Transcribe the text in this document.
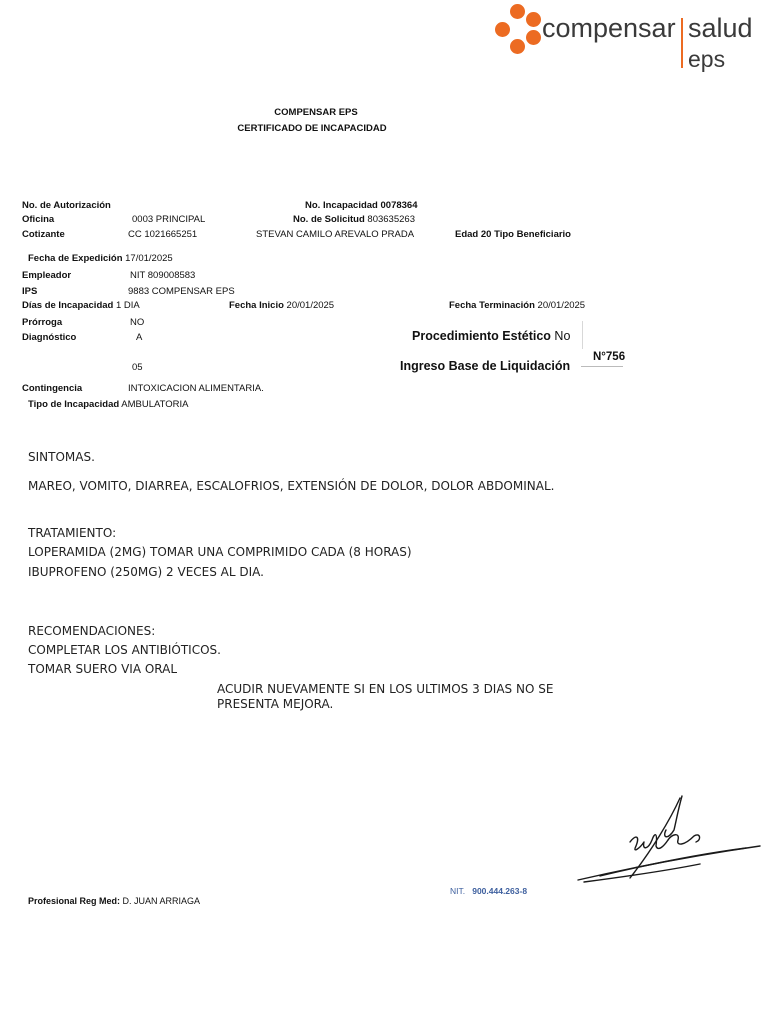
compensar salud
eps
COMPENSAR EPS
CERTIFICADO DE INCAPACIDAD
No. de Autorización	No. Incapacidad 0078364
Oficina	0003 PRINCIPAL	No. de Solicitud 803635263
Cotizante	CC 1021665251	STEVAN CAMILO AREVALO PRADA	Edad 20 Tipo Beneficiario
Fecha de Expedición 17/01/2025
Empleador	NIT 809008583
IPS	9883 COMPENSAR EPS
Días de Incapacidad 1 DIA	Fecha Inicio 20/01/2025	Fecha Terminación 20/01/2025
Prórroga	NO
Diagnóstico	A
05
Procedimiento Estético No
Ingreso Base de Liquidación
N°756
Contingencia	INTOXICACION ALIMENTARIA.
Tipo de Incapacidad AMBULATORIA
SINTOMAS.
MAREO, VOMITO, DIARREA, ESCALOFRIOS, EXTENSIÓN DE DOLOR, DOLOR ABDOMINAL.
TRATAMIENTO:
LOPERAMIDA (2MG) TOMAR UNA COMPRIMIDO CADA (8 HORAS)
IBUPROFENO (250MG) 2 VECES AL DIA.
RECOMENDACIONES:
COMPLETAR LOS ANTIBIÓTICOS.
TOMAR SUERO VIA ORAL
ACUDIR NUEVAMENTE SI EN LOS ULTIMOS 3 DIAS NO SE
PRESENTA MEJORA.
Profesional Reg Med: D. JUAN ARRIAGA
NIT. 900.444.263-8
